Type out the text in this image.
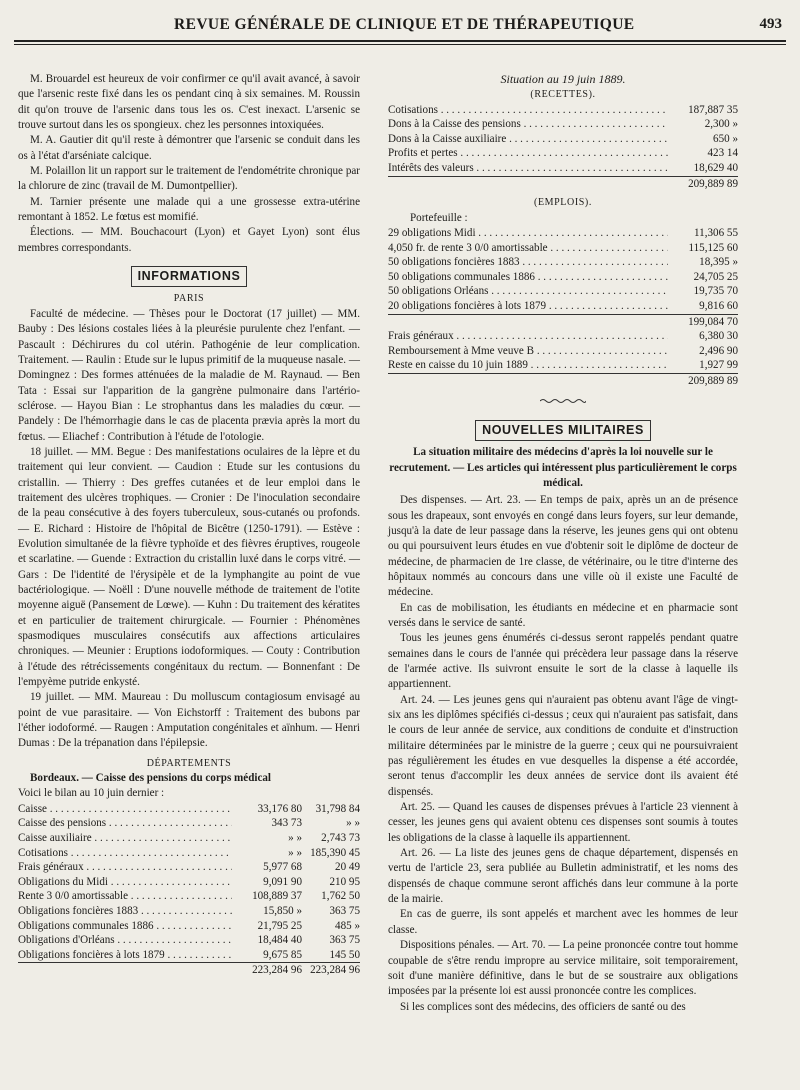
REVUE GÉNÉRALE DE CLINIQUE ET DE THÉRAPEUTIQUE	493

M. Brouardel est heureux de voir confirmer ce qu'il avait avancé, à savoir que l'arsenic reste fixé dans les os pendant cinq à six semaines. M. Roussin dit qu'on trouve de l'arsenic dans tous les os. C'est inexact. L'arsenic se trouve surtout dans les os spongieux. chez les personnes intoxiquées.

M. A. Gautier dit qu'il reste à démontrer que l'arsenic se conduit dans les os à l'état d'arséniate calcique.

M. Polaillon lit un rapport sur le traitement de l'endométrite chronique par la chlorure de zinc (travail de M. Dumontpellier).

M. Tarnier présente une malade qui a une grossesse extra-utérine remontant à 1852. Le fœtus est momifié.

Élections. — MM. Bouchacourt (Lyon) et Gayet Lyon) sont élus membres correspondants.

INFORMATIONS

PARIS

Faculté de médecine. — Thèses pour le Doctorat (17 juillet) — MM. Bauby : Des lésions costales liées à la pleurésie purulente chez l'enfant. — Pascault : Déchirures du col utérin. Pathogénie de leur complication. Traitement. — Raulin : Etude sur le lupus primitif de la muqueuse nasale. — Domingnez : Des formes atténuées de la maladie de M. Raynaud. — Ben Tata : Essai sur l'apparition de la gangrène pulmonaire dans l'artério-sclérose. — Hayou Bian : Le strophantus dans les maladies du cœur. — Pandely : De l'hémorrhagie dans le cas de placenta prævia après la mort du fœtus. — Eliachef : Contribution à l'étude de l'otologie.

18 juillet. — MM. Begue : Des manifestations oculaires de la lèpre et du traitement qui leur convient. — Caudion : Etude sur les contusions du cristallin. — Thierry : Des greffes cutanées et de leur emploi dans le traitement des ulcères trophiques. — Cronier : De l'inoculation secondaire de la peau consécutive à des foyers tuberculeux, sous-cutanés ou profonds. — E. Richard : Histoire de l'hôpital de Bicêtre (1250-1791). — Estève : Evolution simultanée de la fièvre typhoïde et des fièvres éruptives, rougeole et scarlatine. — Guende : Extraction du cristallin luxé dans le corps vitré. — Gars : De l'identité de l'érysipèle et de la lymphangite au point de vue bactériologique. — Noëll : D'une nouvelle méthode de traitement de l'otite moyenne aiguë (Pansement de Lœwe). — Kuhn : Du traitement des kératites et en particulier de traitement chirurgicale. — Fournier : Phénomènes spasmodiques musculaires consécutifs aux affections articulaires chroniques. — Meunier : Eruptions iodoformiques. — Couty : Contribution à l'étude des rétrécissements congénitaux du rectum. — Bonnenfant : De l'empyème putride enkysté.

19 juillet. — MM. Maureau : Du molluscum contagiosum envisagé au point de vue parasitaire. — Von Eichstorff : Traitement des bubons par l'éther iodoformé. — Raugen : Amputation congénitales et aïnhum. — Henri Dumas : De la trépanation dans l'épilepsie.

DÉPARTEMENTS

Bordeaux. — Caisse des pensions du corps médical

Voici le bilan au 10 juin dernier :

Caisse . . .	33,176 80	31,798 84
Caisse des pensions . . .	343 73	» »
Caisse auxiliaire . . .	» »	2,743 73
Cotisations . . .	» »	185,390 45
Frais généraux . . .	5,977 68	20 49
Obligations du Midi . . .	9,091 90	210 95
Rente 3 0/0 amortissable . . .	108,889 37	1,762 50
Obligations foncières 1883 . . .	15,850 »	363 75
Obligations communales 1886 . . .	21,795 25	485 »
Obligations d'Orléans . . .	18,484 40	363 75
Obligations foncières à lots 1879 . . .	9,675 85	145 50
	223,284 96	223,284 96

Situation au 19 juin 1889.

(RECETTES).

Cotisations . . .	187,887 35
Dons à la Caisse des pensions . . .	2,300 »
Dons à la Caisse auxiliaire . . .	650 »
Profits et pertes . . .	423 14
Intérêts des valeurs . . .	18,629 40
	209,889 89

(EMPLOIS).

Portefeuille :

29 obligations Midi . . .	11,306 55
4,050 fr. de rente 3 0/0 amortissable . . .	115,125 60
50 obligations foncières 1883 . . .	18,395 »
50 obligations communales 1886 . . .	24,705 25
50 obligations Orléans . . .	19,735 70
20 obligations foncières à lots 1879 . . .	9,816 60
	199,084 70
Frais généraux . . .	6,380 30
Remboursement à Mme veuve B . . .	2,496 90
Reste en caisse du 10 juin 1889 . . .	1,927 99
	209,889 89
NOUVELLES MILITAIRES

La situation militaire des médecins d'après la loi nouvelle sur le recrutement. — Les articles qui intéressent plus particulièrement le corps médical.

Des dispenses. — Art. 23. — En temps de paix, après un an de présence sous les drapeaux, sont envoyés en congé dans leurs foyers, sur leur demande, jusqu'à la date de leur passage dans la réserve, les jeunes gens qui ont obtenu ou qui poursuivent leurs études en vue d'obtenir soit le diplôme de docteur de médecine, de pharmacien de 1re classe, de vétérinaire, ou le titre d'interne des hôpitaux nommés au concours dans une ville où il existe une Faculté de médecine.

En cas de mobilisation, les étudiants en médecine et en pharmacie sont versés dans le service de santé.

Tous les jeunes gens énumérés ci-dessus seront rappelés pendant quatre semaines dans le cours de l'année qui précèdera leur passage dans la réserve de l'armée active. Ils suivront ensuite le sort de la classe à laquelle ils appartiennent.

Art. 24. — Les jeunes gens qui n'auraient pas obtenu avant l'âge de vingt-six ans les diplômes spécifiés ci-dessus ; ceux qui n'auraient pas satisfait, dans le cours de leur année de service, aux conditions de conduite et d'instruction militaire déterminées par le ministre de la guerre ; ceux qui ne poursuivraient pas régulièrement les études en vue desquelles la dispense a été accordée, seront tenus d'accomplir les deux années de service dont ils avaient été dispensés.

Art. 25. — Quand les causes de dispenses prévues à l'article 23 viennent à cesser, les jeunes gens qui avaient obtenu ces dispenses sont soumis à toutes les obligations de la classe à laquelle ils appartiennent.

Art. 26. — La liste des jeunes gens de chaque département, dispensés en vertu de l'article 23, sera publiée au Bulletin administratif, et les noms des dispensés de chaque commune seront affichés dans leur commune à la porte de la mairie.

En cas de guerre, ils sont appelés et marchent avec les hommes de leur classe.

Dispositions pénales. — Art. 70. — La peine prononcée contre tout homme coupable de s'être rendu impropre au service militaire, soit temporairement, soit d'une manière définitive, dans le but de se soustraire aux obligations imposées par la présente loi est aussi prononcée contre les complices.

Si les complices sont des médecins, des officiers de santé ou des
